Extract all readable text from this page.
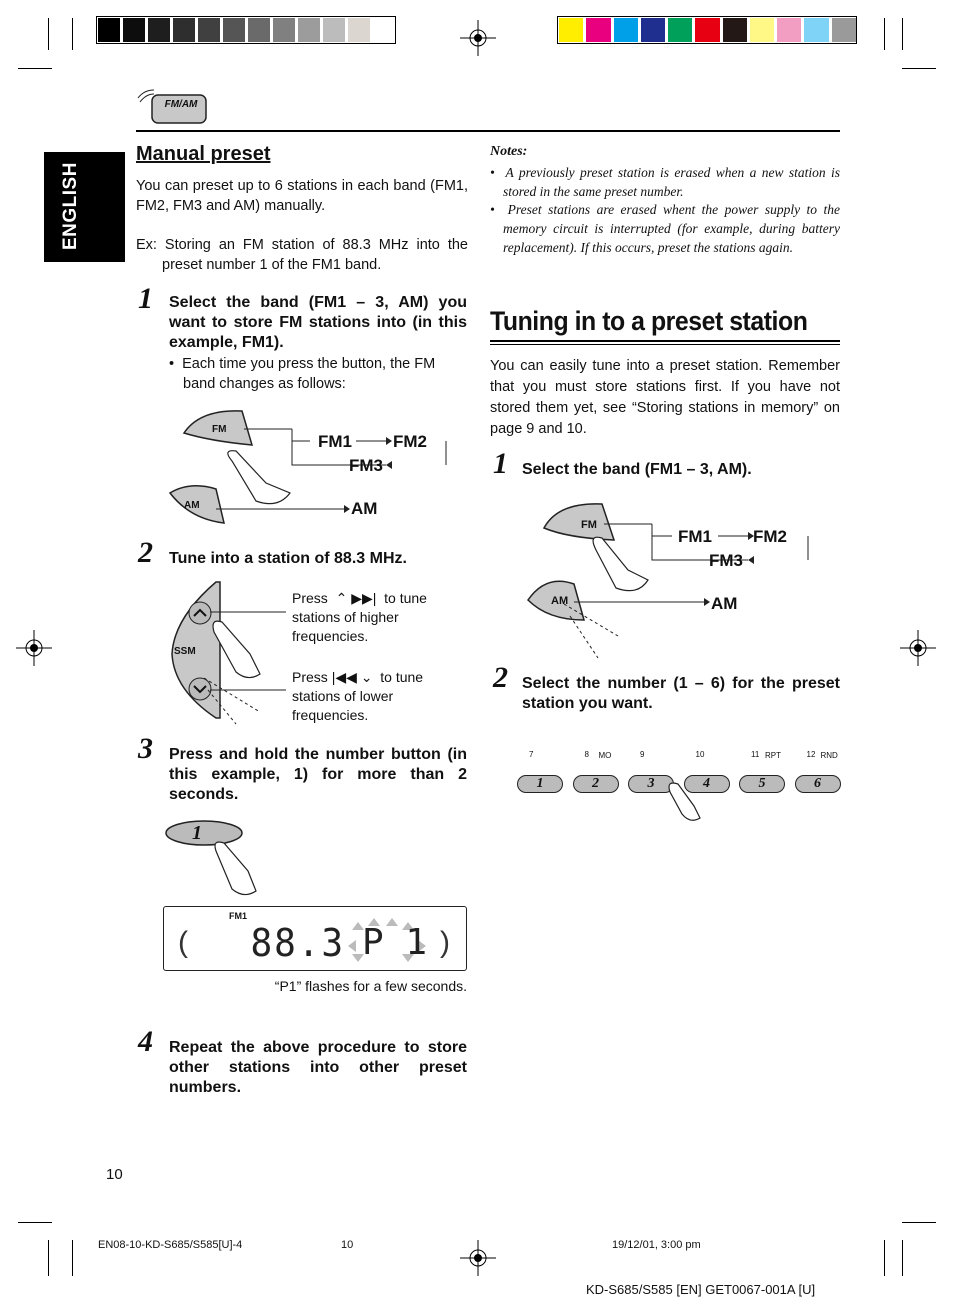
FM/AM
ENGLISH
Manual preset
You can preset up to 6 stations in each band (FM1, FM2, FM3 and AM) manually.
Ex: Storing an FM station of 88.3 MHz into the preset number 1 of the FM1 band.
1 Select the band (FM1 – 3, AM) you want to store FM stations into (in this example, FM1).
•  Each time you press the button, the FM band changes as follows:
FM
AM
FM1 FM2
FM3
AM
2 Tune into a station of 88.3 MHz.
SSM
Press  ⌃ ▶▶|  to tune
stations of higher frequencies.
Press |◀◀ ⌄  to tune
stations of lower frequencies.
3 Press and hold the number button (in this example, 1) for more than 2 seconds.
1
FM1
(	)
88.3 P 1
“P1” flashes for a few seconds.
4 Repeat the above procedure to store other stations into other preset numbers.
Notes:
•  A previously preset station is erased when a new station is stored in the same preset number.
•  Preset stations are erased whent the power supply to the memory circuit is interrupted (for example, during battery replacement). If this occurs, preset the stations again.
Tuning in to a preset station
You can easily tune into a preset station. Remember that you must store stations first. If you have not stored them yet, see “Storing stations in memory” on page 9 and 10.
1 Select the band (FM1 – 3, AM).
FM
AM
FM1 FM2
FM3
AM
2 Select the number (1 – 6) for the preset station you want.
7
1
8 MO
2
9
3
10
4
11 RPT
5
12 RND
6
10
EN08-10-KD-S685/S585[U]-4	10	19/12/01, 3:00 pm
KD-S685/S585 [EN] GET0067-001A [U]
